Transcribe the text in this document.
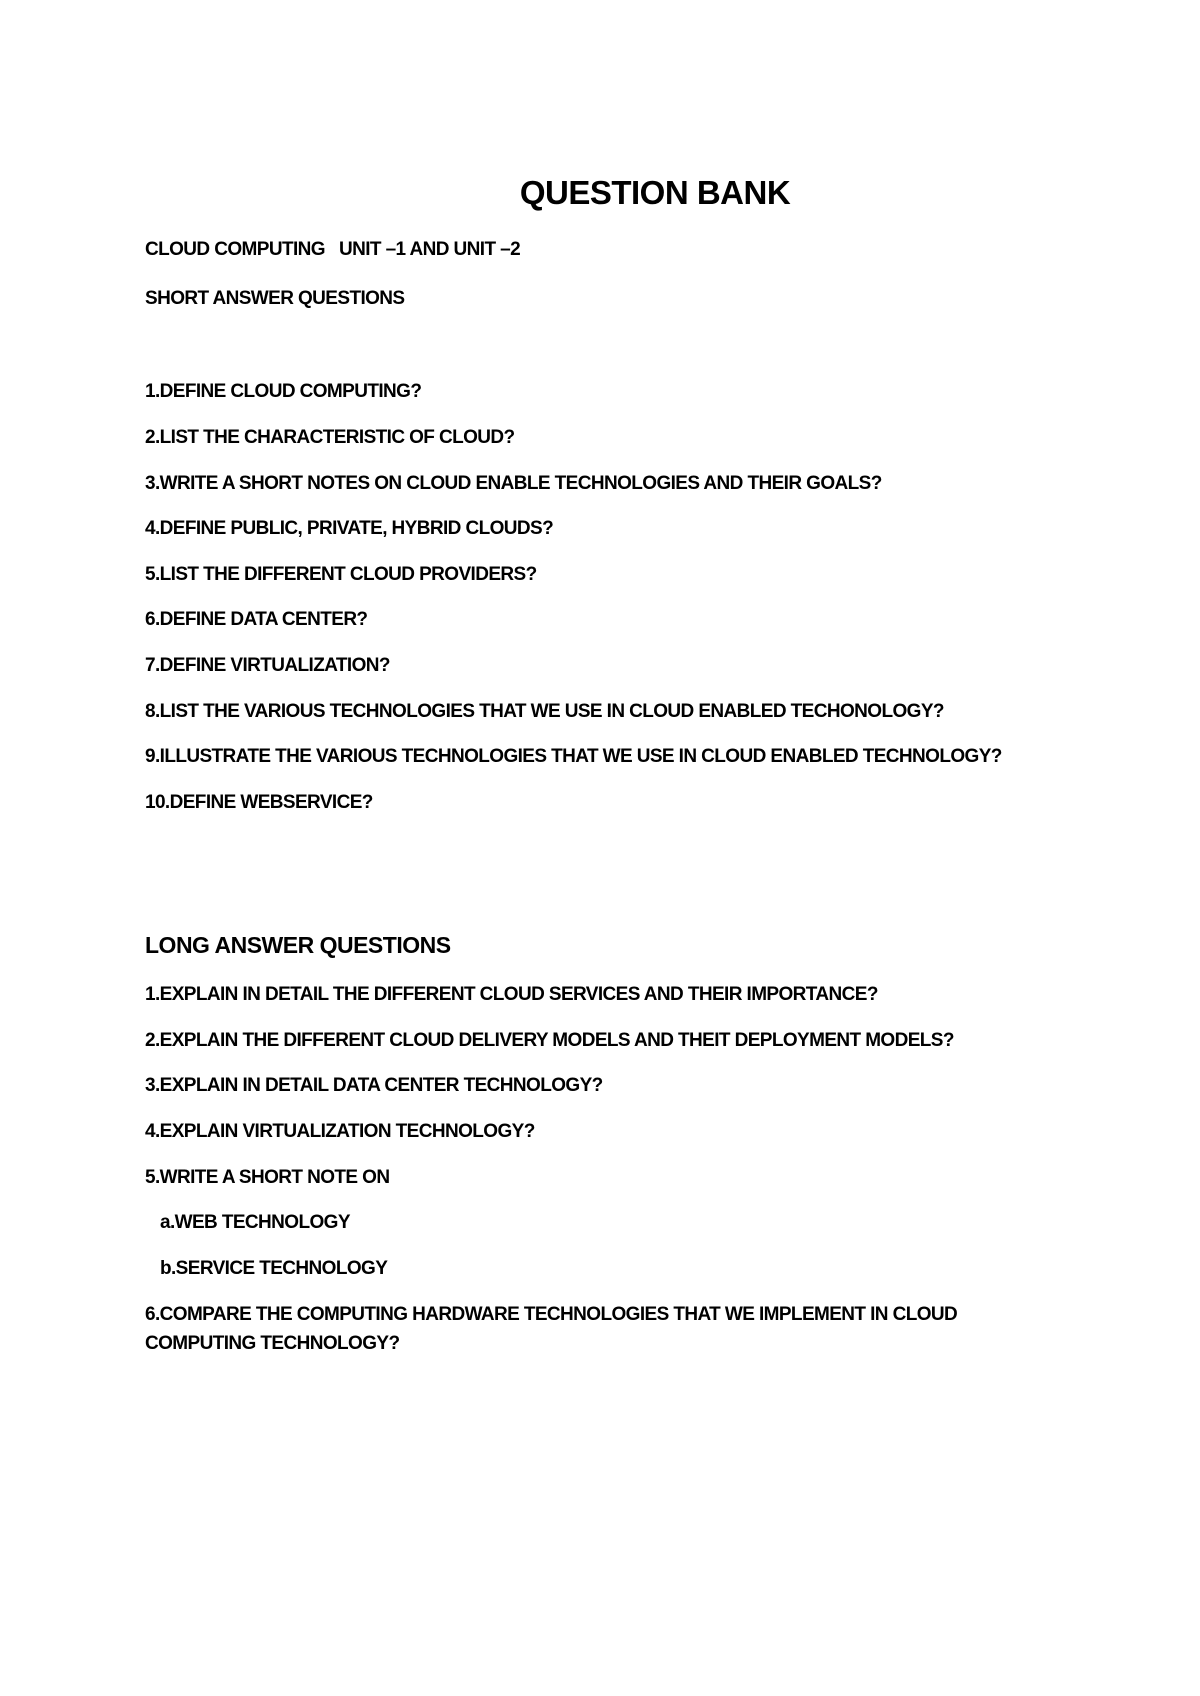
QUESTION BANK
CLOUD COMPUTING   UNIT –1 AND UNIT –2
SHORT ANSWER QUESTIONS
1.DEFINE CLOUD COMPUTING?
2.LIST THE CHARACTERISTIC OF CLOUD?
3.WRITE A SHORT NOTES ON CLOUD ENABLE TECHNOLOGIES AND THEIR GOALS?
4.DEFINE PUBLIC, PRIVATE, HYBRID CLOUDS?
5.LIST THE DIFFERENT CLOUD PROVIDERS?
6.DEFINE DATA CENTER?
7.DEFINE VIRTUALIZATION?
8.LIST THE VARIOUS TECHNOLOGIES THAT WE USE IN CLOUD ENABLED TECHONOLOGY?
9.ILLUSTRATE THE VARIOUS TECHNOLOGIES THAT WE USE IN CLOUD ENABLED TECHNOLOGY?
10.DEFINE WEBSERVICE?
LONG ANSWER QUESTIONS
1.EXPLAIN IN DETAIL THE DIFFERENT CLOUD SERVICES AND THEIR IMPORTANCE?
2.EXPLAIN THE DIFFERENT CLOUD DELIVERY MODELS AND THEIT DEPLOYMENT MODELS?
3.EXPLAIN IN DETAIL DATA CENTER TECHNOLOGY?
4.EXPLAIN VIRTUALIZATION TECHNOLOGY?
5.WRITE A SHORT NOTE ON
a.WEB TECHNOLOGY
b.SERVICE TECHNOLOGY
6.COMPARE THE COMPUTING HARDWARE TECHNOLOGIES THAT WE IMPLEMENT IN CLOUD COMPUTING TECHNOLOGY?
